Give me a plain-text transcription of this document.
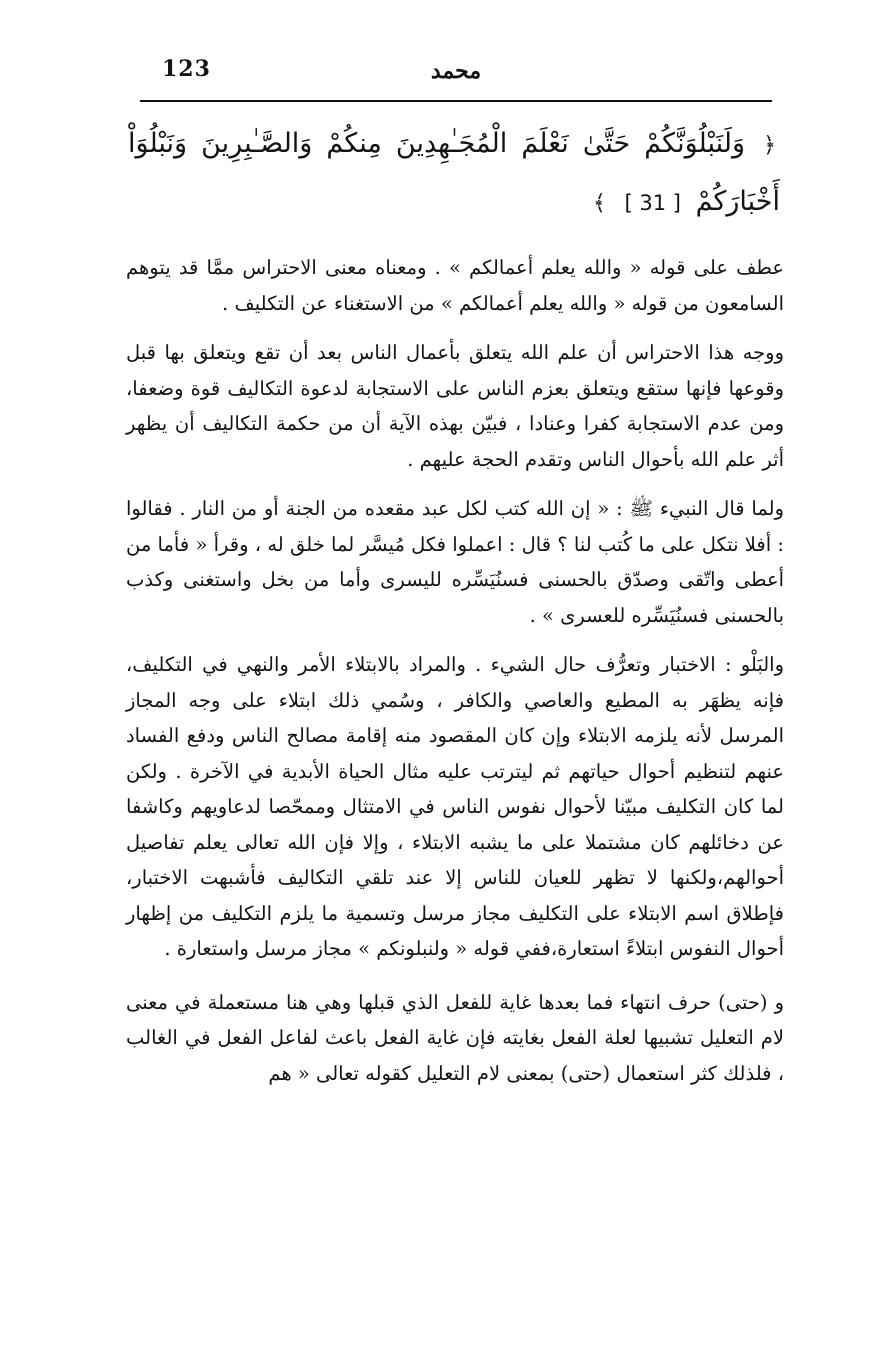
123	محمد
﴿ وَلَنَبْلُوَنَّكُمْ حَتَّىٰ نَعْلَمَ الْمُجَـٰهِدِينَ مِنكُمْ وَالصَّـٰبِرِينَ وَنَبْلُوَاْ أَخْبَارَكُمْ [ 31 ] ﴾

عطف على قوله « والله يعلم أعمالكم » . ومعناه معنى الاحتراس ممَّا قد يتوهم السامعون من قوله « والله يعلم أعمالكم » من الاستغناء عن التكليف .

ووجه هذا الاحتراس أن علم الله يتعلق بأعمال الناس بعد أن تقع ويتعلق بها قبل وقوعها فإنها ستقع ويتعلق بعزم الناس على الاستجابة لدعوة التكاليف قوة وضعفا، ومن عدم الاستجابة كفرا وعنادا ، فبيّن بهذه الآية أن من حكمة التكاليف أن يظهر أثر علم الله بأحوال الناس وتقدم الحجة عليهم .

ولما قال النبيء ﷺ : « إن الله كتب لكل عبد مقعده من الجنة أو من النار . فقالوا : أفلا نتكل على ما كُتب لنا ؟ قال : اعملوا فكل مُيسَّر لما خلق له ، وقرأ « فأما من أعطى واتّقى وصدّق بالحسنى فسنُيَسِّره لليسرى وأما من بخل واستغنى وكذب بالحسنى فسنُيَسِّره للعسرى » .

والبَلْو : الاختبار وتعرُّف حال الشيء . والمراد بالابتلاء الأمر والنهي في التكليف، فإنه يظهَر به المطيع والعاصي والكافر ، وسُمي ذلك ابتلاء على وجه المجاز المرسل لأنه يلزمه الابتلاء وإن كان المقصود منه إقامة مصالح الناس ودفع الفساد عنهم لتنظيم أحوال حياتهم ثم ليترتب عليه مثال الحياة الأبدية في الآخرة . ولكن لما كان التكليف مبيّنا لأحوال نفوس الناس في الامتثال وممحّصا لدعاويهم وكاشفا عن دخائلهم كان مشتملا على ما يشبه الابتلاء ، وإلا فإن الله تعالى يعلم تفاصيل أحوالهم،ولكنها لا تظهر للعيان للناس إلا عند تلقي التكاليف فأشبهت الاختبار، فإطلاق اسم الابتلاء على التكليف مجاز مرسل وتسمية ما يلزم التكليف من إظهار أحوال النفوس ابتلاءً استعارة،ففي قوله « ولنبلونكم » مجاز مرسل واستعارة .

و (حتى) حرف انتهاء فما بعدها غاية للفعل الذي قبلها وهي هنا مستعملة في معنى لام التعليل تشبيها لعلة الفعل بغايته فإن غاية الفعل باعث لفاعل الفعل في الغالب ، فلذلك كثر استعمال (حتى) بمعنى لام التعليل كقوله تعالى « هم
